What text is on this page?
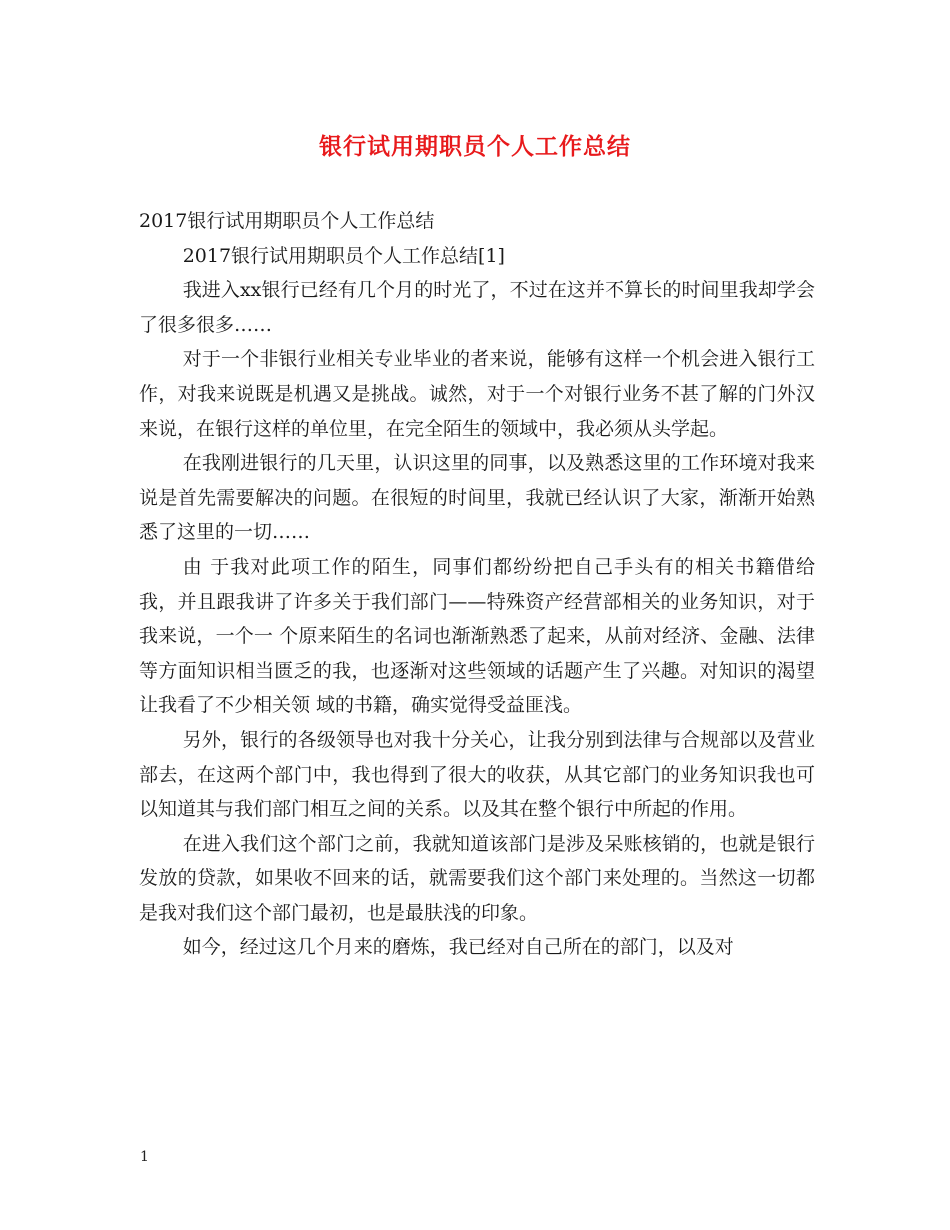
银行试用期职员个人工作总结

2017银行试用期职员个人工作总结

2017银行试用期职员个人工作总结[1]

我进入xx银行已经有几个月的时光了，不过在这并不算长的时间里我却学会了很多很多……

对于一个非银行业相关专业毕业的者来说，能够有这样一个机会进入银行工作，对我来说既是机遇又是挑战。诚然，对于一个对银行业务不甚了解的门外汉来说，在银行这样的单位里，在完全陌生的领域中，我必须从头学起。

在我刚进银行的几天里，认识这里的同事，以及熟悉这里的工作环境对我来说是首先需要解决的问题。在很短的时间里，我就已经认识了大家，渐渐开始熟悉了这里的一切……

由 于我对此项工作的陌生，同事们都纷纷把自己手头有的相关书籍借给我，并且跟我讲了许多关于我们部门——特殊资产经营部相关的业务知识，对于我来说，一个一 个原来陌生的名词也渐渐熟悉了起来，从前对经济、金融、法律等方面知识相当匮乏的我，也逐渐对这些领域的话题产生了兴趣。对知识的渴望让我看了不少相关领 域的书籍，确实觉得受益匪浅。

另外，银行的各级领导也对我十分关心，让我分别到法律与合规部以及营业部去，在这两个部门中，我也得到了很大的收获，从其它部门的业务知识我也可以知道其与我们部门相互之间的关系。以及其在整个银行中所起的作用。

在进入我们这个部门之前，我就知道该部门是涉及呆账核销的，也就是银行发放的贷款，如果收不回来的话，就需要我们这个部门来处理的。当然这一切都是我对我们这个部门最初，也是最肤浅的印象。

如今，经过这几个月来的磨炼，我已经对自己所在的部门，以及对

1
